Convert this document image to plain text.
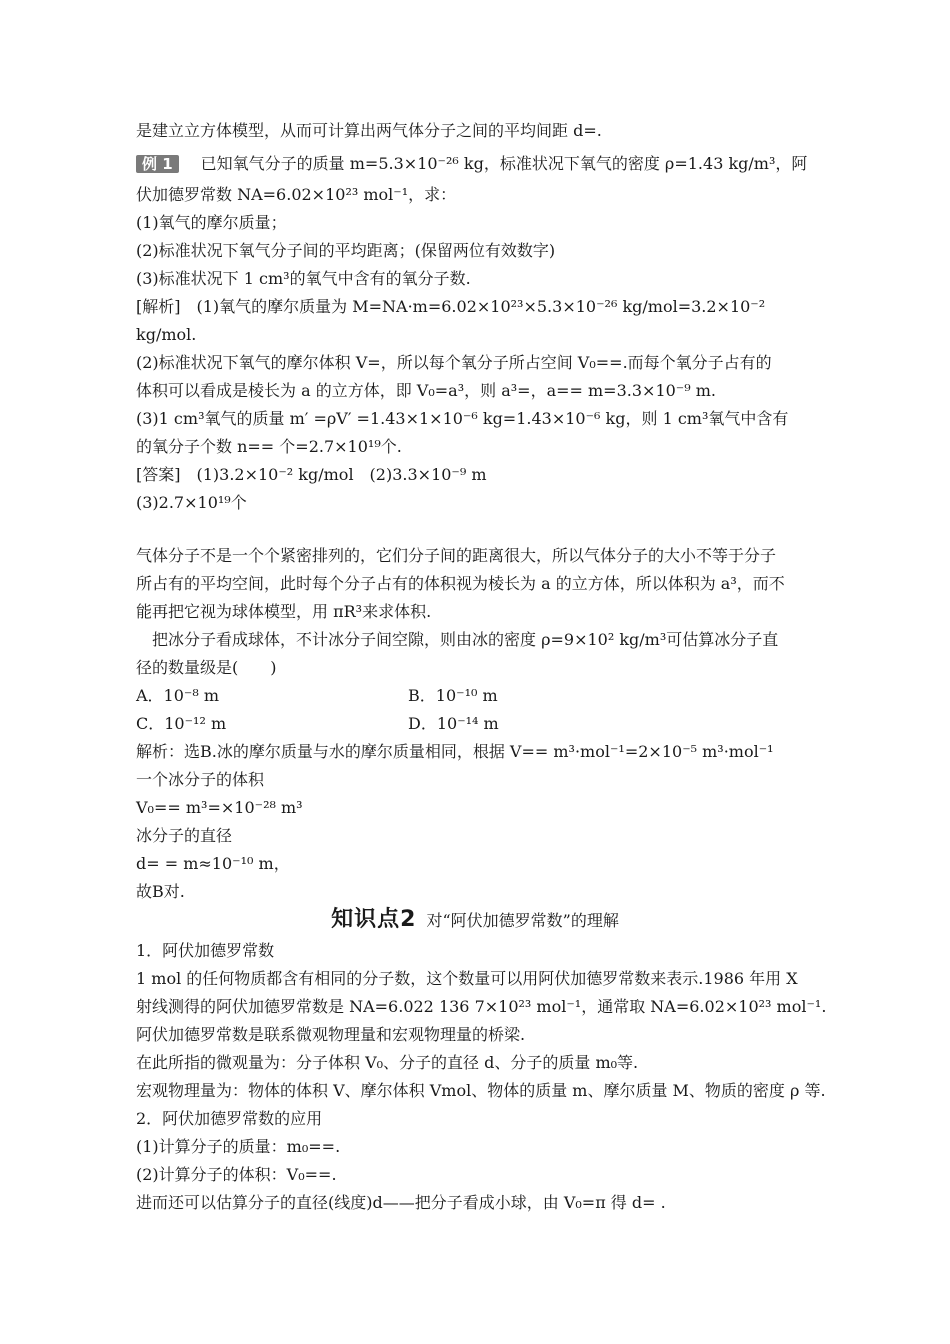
是建立立方体模型，从而可计算出两气体分子之间的平均间距 d=.
例 1 已知氧气分子的质量 m=5.3×10⁻²⁶ kg，标准状况下氧气的密度 ρ=1.43 kg/m³，阿
伏加德罗常数 NA=6.02×10²³ mol⁻¹，求：
(1)氧气的摩尔质量；
(2)标准状况下氧气分子间的平均距离；(保留两位有效数字)
(3)标准状况下 1 cm³的氧气中含有的氧分子数.
[解析]　(1)氧气的摩尔质量为 M=NA·m=6.02×10²³×5.3×10⁻²⁶ kg/mol=3.2×10⁻²
kg/mol.
(2)标准状况下氧气的摩尔体积 V=，所以每个氧分子所占空间 V₀==.而每个氧分子占有的
体积可以看成是棱长为 a 的立方体，即 V₀=a³，则 a³=，a== m=3.3×10⁻⁹ m.
(3)1 cm³氧气的质量 m′ =ρV′ =1.43×1×10⁻⁶ kg=1.43×10⁻⁶ kg，则 1 cm³氧气中含有
的氧分子个数 n== 个=2.7×10¹⁹个.
[答案]　(1)3.2×10⁻² kg/mol　(2)3.3×10⁻⁹ m
(3)2.7×10¹⁹个
气体分子不是一个个紧密排列的，它们分子间的距离很大，所以气体分子的大小不等于分子
所占有的平均空间，此时每个分子占有的体积视为棱长为 a 的立方体，所以体积为 a³，而不
能再把它视为球体模型，用 πR³来求体积.
　把冰分子看成球体，不计冰分子间空隙，则由冰的密度 ρ=9×10² kg/m³可估算冰分子直
径的数量级是(　　)
A．10⁻⁸ m	B．10⁻¹⁰ m
C．10⁻¹² m	D．10⁻¹⁴ m
解析：选B.冰的摩尔质量与水的摩尔质量相同，根据 V== m³·mol⁻¹=2×10⁻⁵ m³·mol⁻¹
一个冰分子的体积
V₀== m³=×10⁻²⁸ m³
冰分子的直径
d= = m≈10⁻¹⁰ m，
故B对.
知识点2 对“阿伏加德罗常数”的理解
1．阿伏加德罗常数
1 mol 的任何物质都含有相同的分子数，这个数量可以用阿伏加德罗常数来表示.1986 年用 X
射线测得的阿伏加德罗常数是 NA=6.022 136 7×10²³ mol⁻¹，通常取 NA=6.02×10²³ mol⁻¹.
阿伏加德罗常数是联系微观物理量和宏观物理量的桥梁.
在此所指的微观量为：分子体积 V₀、分子的直径 d、分子的质量 m₀等.
宏观物理量为：物体的体积 V、摩尔体积 Vmol、物体的质量 m、摩尔质量 M、物质的密度 ρ 等.
2．阿伏加德罗常数的应用
(1)计算分子的质量：m₀==.
(2)计算分子的体积：V₀==.
进而还可以估算分子的直径(线度)d——把分子看成小球，由 V₀=π 得 d= .
